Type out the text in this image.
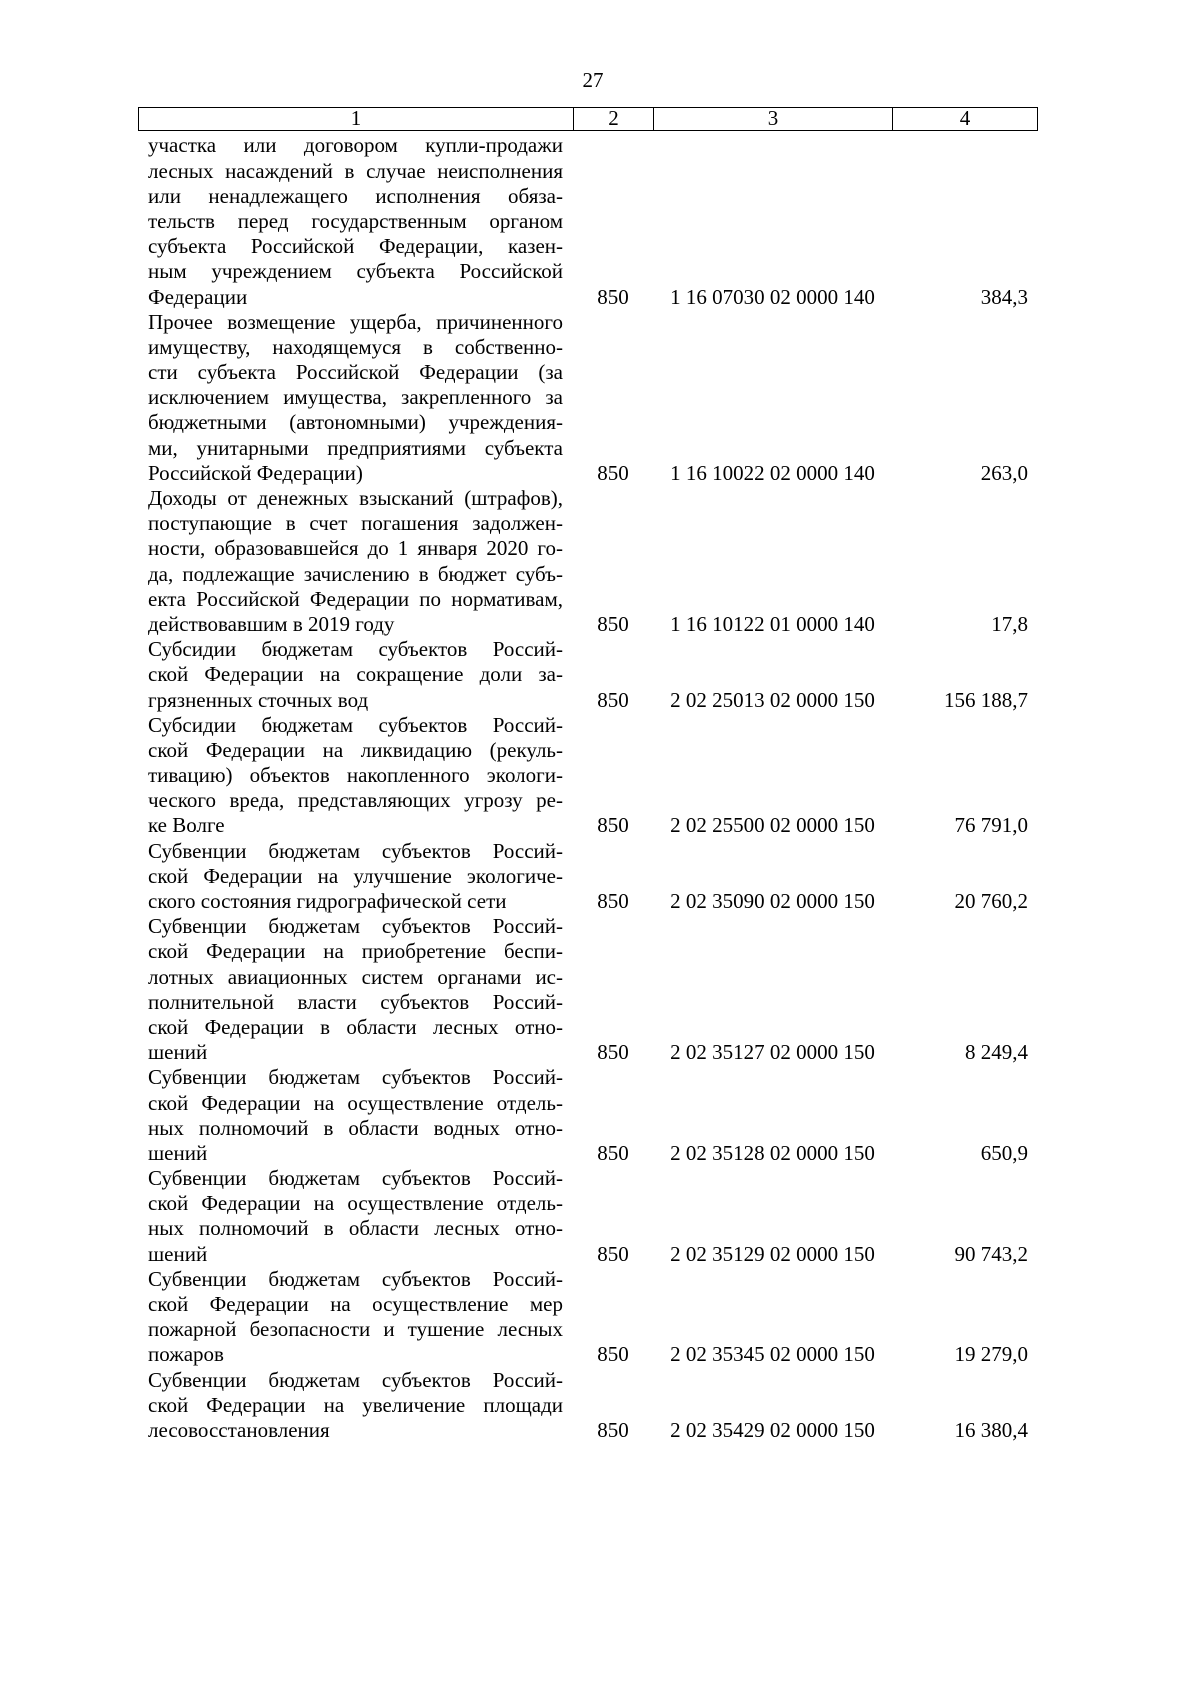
27
1	2	3	4
участка или договором купли-продажи
лесных насаждений в случае неисполнения
или ненадлежащего исполнения обяза-
тельств перед государственным органом
субъекта Российской Федерации, казен-
ным учреждением субъекта Российской
Федерации	850	1 16 07030 02 0000 140	384,3
Прочее возмещение ущерба, причиненного
имуществу, находящемуся в собственно-
сти субъекта Российской Федерации (за
исключением имущества, закрепленного за
бюджетными (автономными) учреждения-
ми, унитарными предприятиями субъекта
Российской Федерации)	850	1 16 10022 02 0000 140	263,0
Доходы от денежных взысканий (штрафов),
поступающие в счет погашения задолжен-
ности, образовавшейся до 1 января 2020 го-
да, подлежащие зачислению в бюджет субъ-
екта Российской Федерации по нормативам,
действовавшим в 2019 году	850	1 16 10122 01 0000 140	17,8
Субсидии бюджетам субъектов Россий-
ской Федерации на сокращение доли за-
грязненных сточных вод	850	2 02 25013 02 0000 150	156 188,7
Субсидии бюджетам субъектов Россий-
ской Федерации на ликвидацию (рекуль-
тивацию) объектов накопленного экологи-
ческого вреда, представляющих угрозу ре-
ке Волге	850	2 02 25500 02 0000 150	76 791,0
Субвенции бюджетам субъектов Россий-
ской Федерации на улучшение экологиче-
ского состояния гидрографической сети	850	2 02 35090 02 0000 150	20 760,2
Субвенции бюджетам субъектов Россий-
ской Федерации на приобретение беспи-
лотных авиационных систем органами ис-
полнительной власти субъектов Россий-
ской Федерации в области лесных отно-
шений	850	2 02 35127 02 0000 150	8 249,4
Субвенции бюджетам субъектов Россий-
ской Федерации на осуществление отдель-
ных полномочий в области водных отно-
шений	850	2 02 35128 02 0000 150	650,9
Субвенции бюджетам субъектов Россий-
ской Федерации на осуществление отдель-
ных полномочий в области лесных отно-
шений	850	2 02 35129 02 0000 150	90 743,2
Субвенции бюджетам субъектов Россий-
ской Федерации на осуществление мер
пожарной безопасности и тушение лесных
пожаров	850	2 02 35345 02 0000 150	19 279,0
Субвенции бюджетам субъектов Россий-
ской Федерации на увеличение площади
лесовосстановления	850	2 02 35429 02 0000 150	16 380,4
